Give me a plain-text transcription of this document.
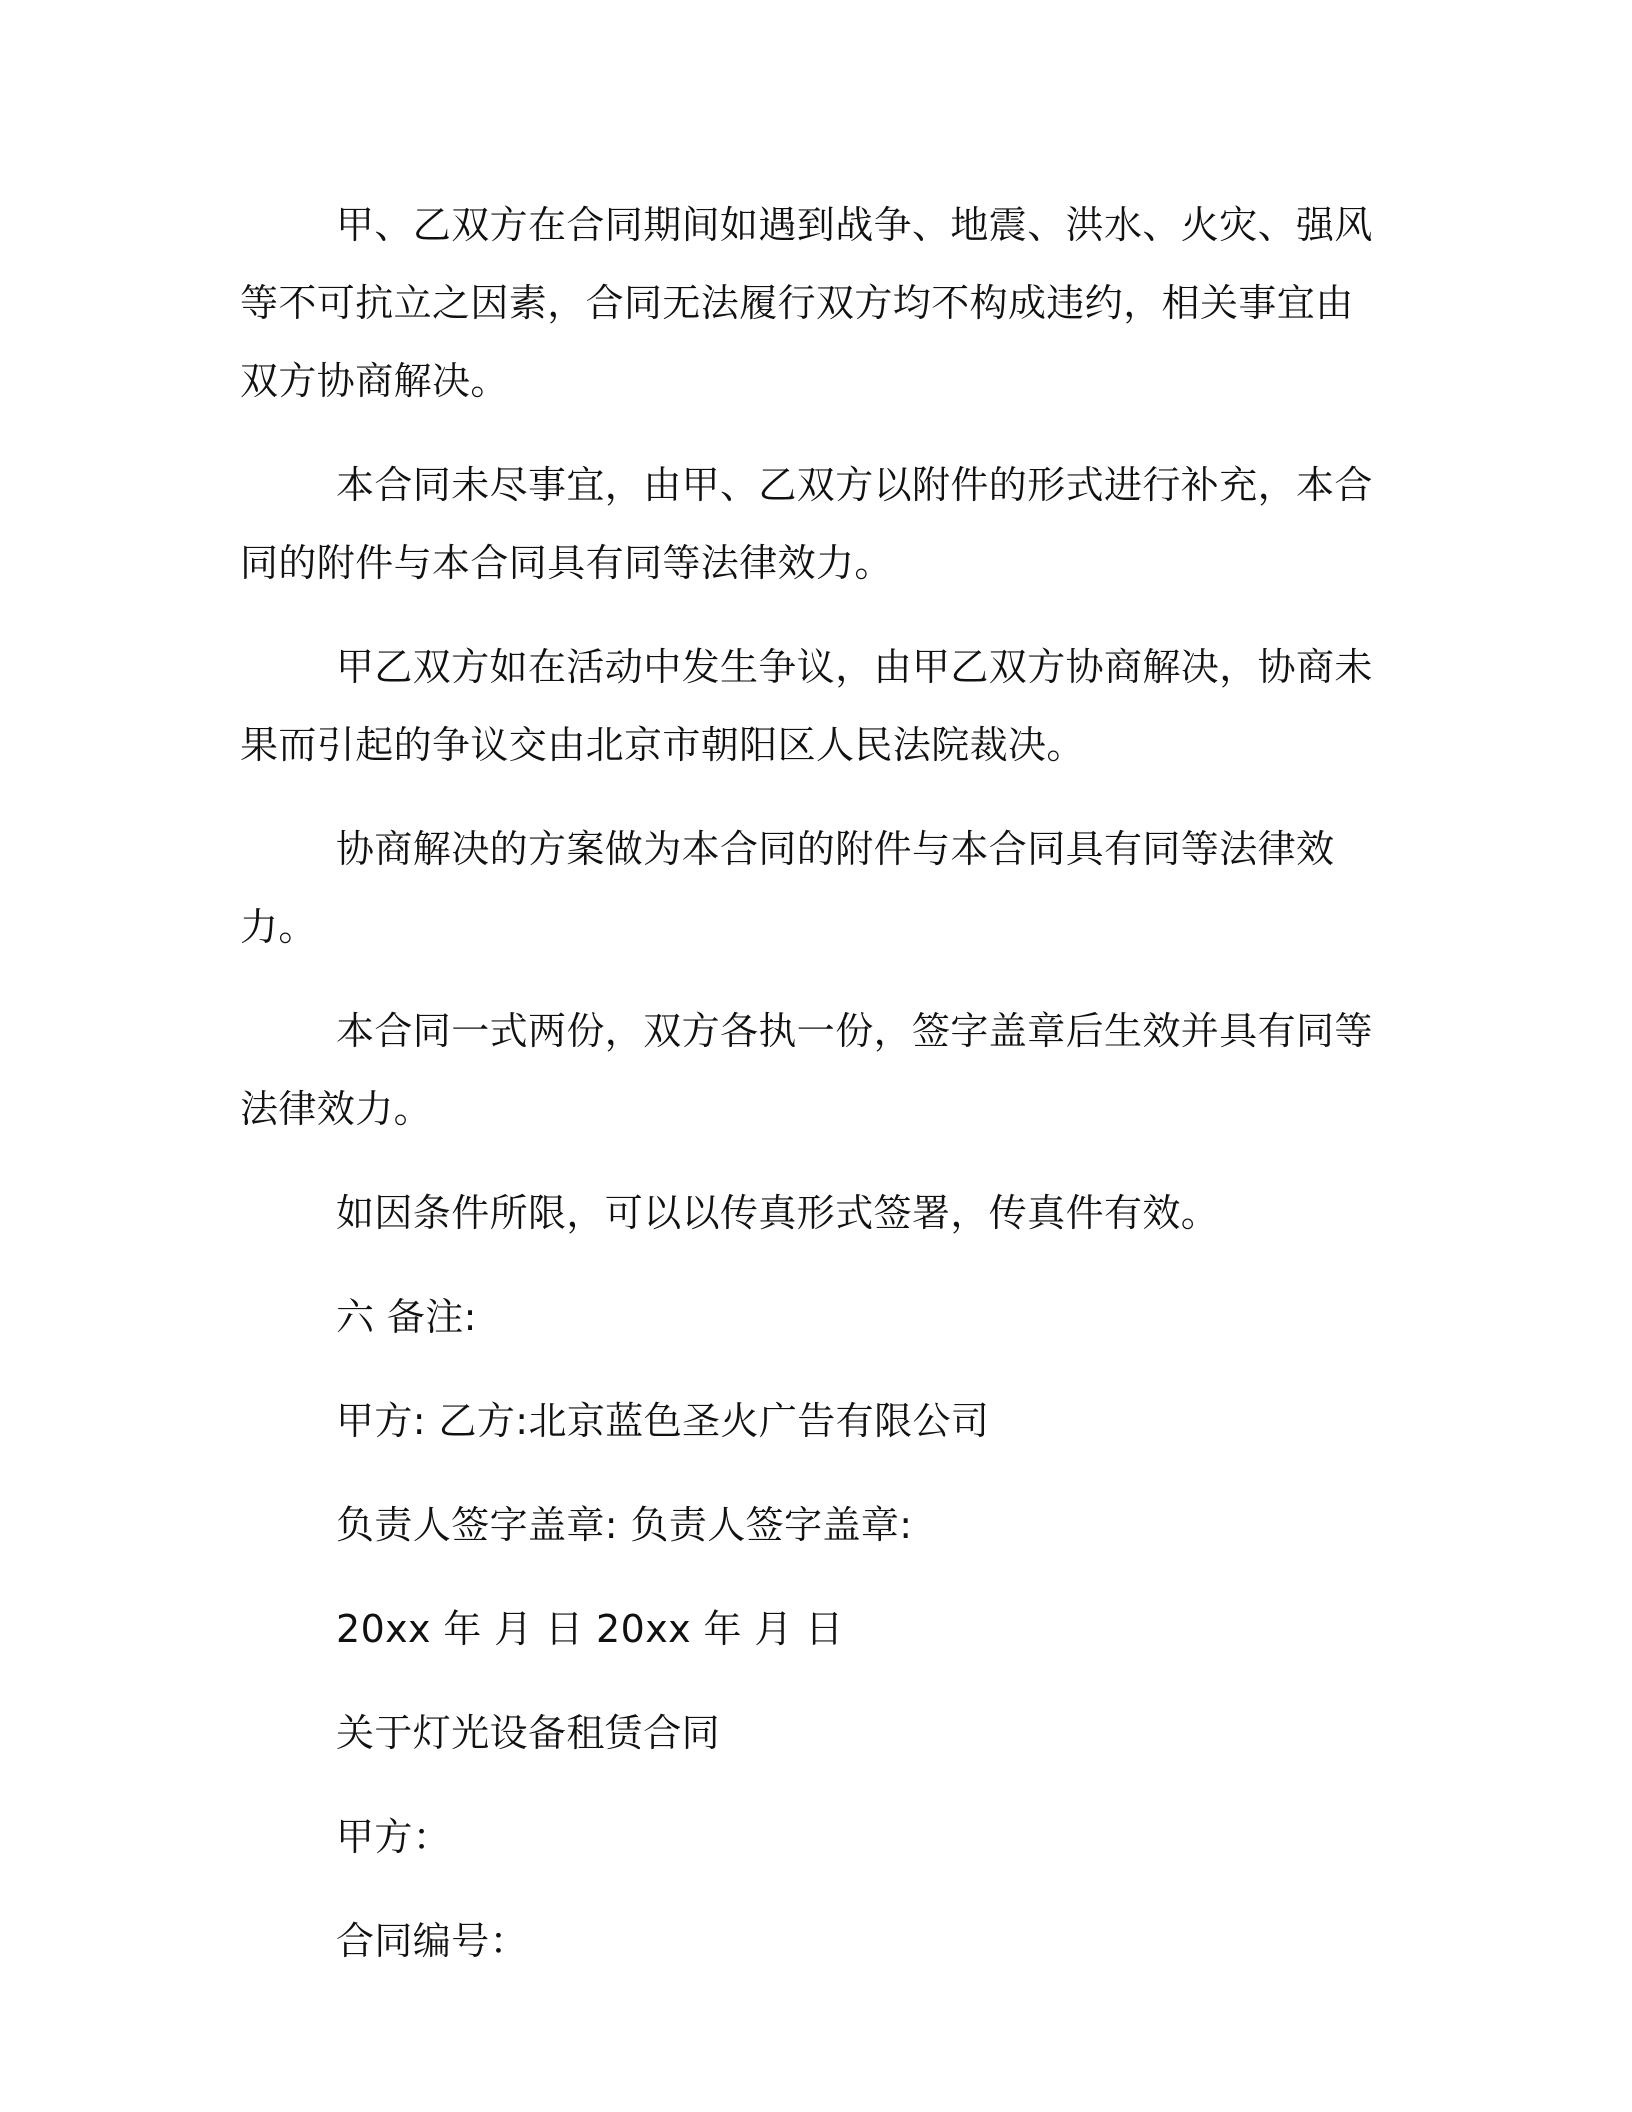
甲、乙双方在合同期间如遇到战争、地震、洪水、火灾、强风等不可抗立之因素，合同无法履行双方均不构成违约，相关事宜由双方协商解决。

本合同未尽事宜，由甲、乙双方以附件的形式进行补充，本合同的附件与本合同具有同等法律效力。

甲乙双方如在活动中发生争议，由甲乙双方协商解决，协商未果而引起的争议交由北京市朝阳区人民法院裁决。

协商解决的方案做为本合同的附件与本合同具有同等法律效力。

本合同一式两份，双方各执一份，签字盖章后生效并具有同等法律效力。

如因条件所限，可以以传真形式签署，传真件有效。

六 备注:

甲方: 乙方:北京蓝色圣火广告有限公司

负责人签字盖章: 负责人签字盖章:

20xx 年 月 日 20xx 年 月 日

关于灯光设备租赁合同

甲方：

合同编号：
